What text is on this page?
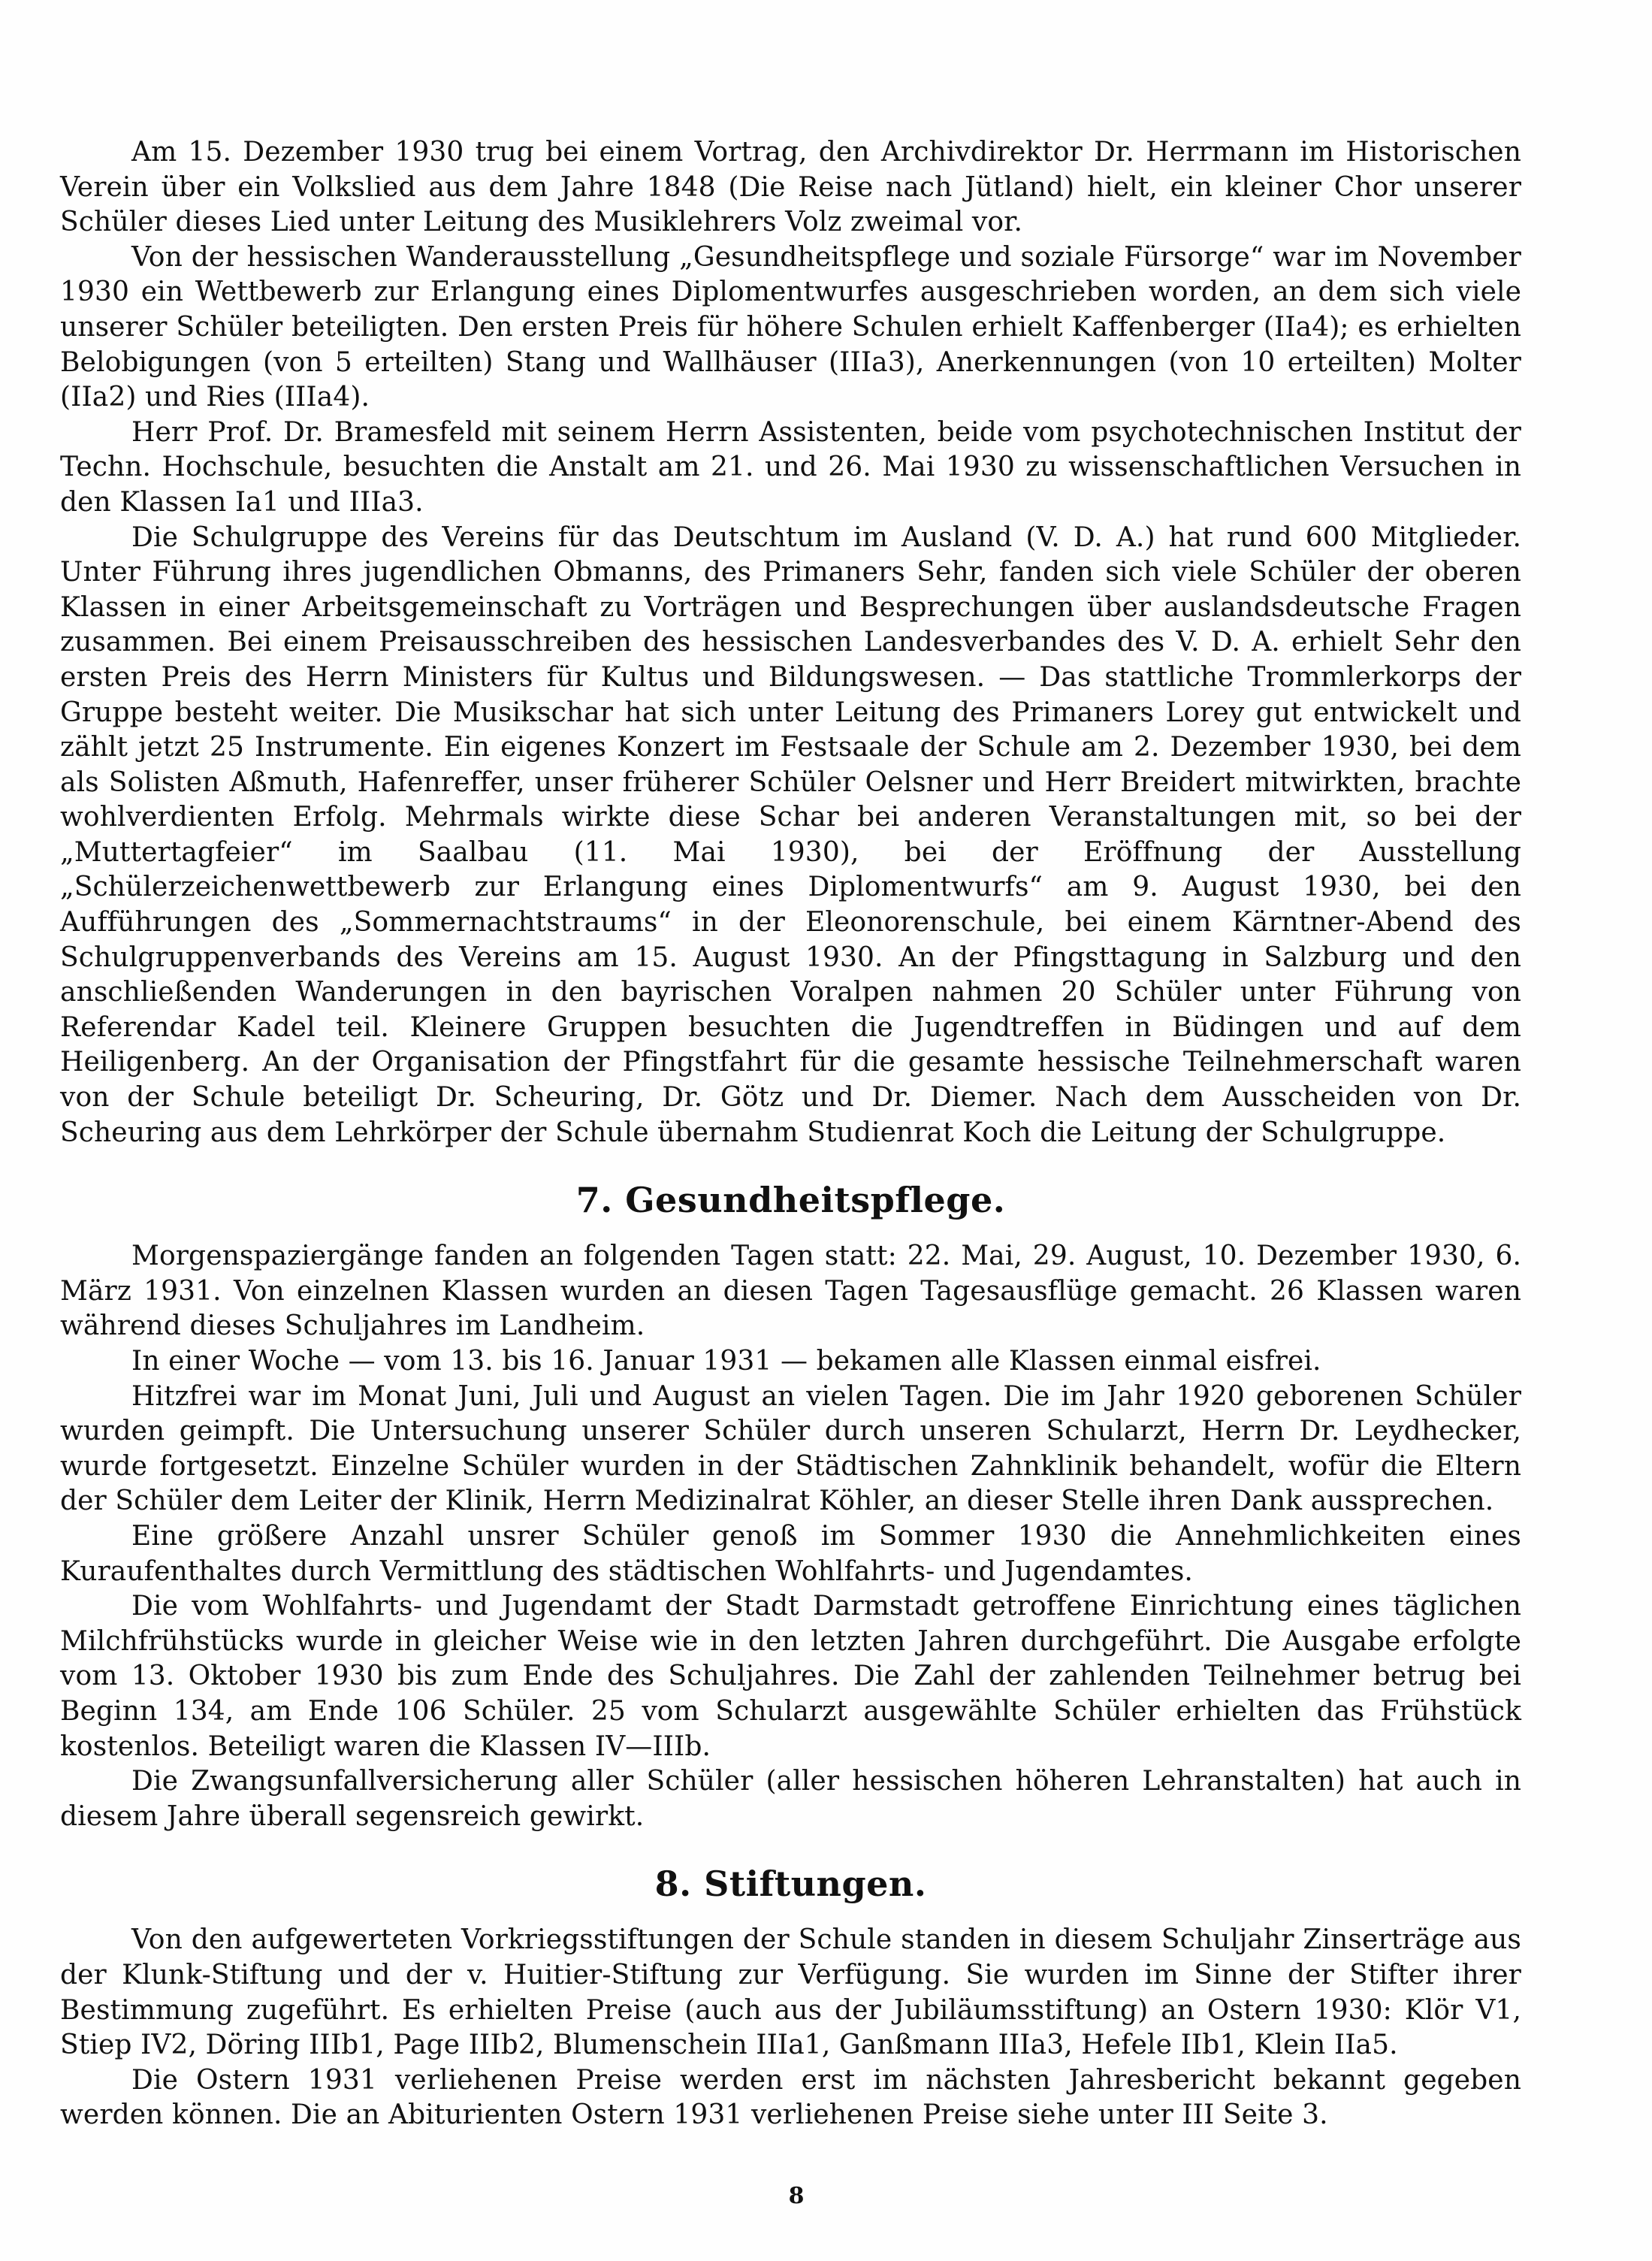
Am 15. Dezember 1930 trug bei einem Vortrag, den Archivdirektor Dr. Herrmann im Historischen Verein über ein Volkslied aus dem Jahre 1848 (Die Reise nach Jütland) hielt, ein kleiner Chor unserer Schüler dieses Lied unter Leitung des Musiklehrers Volz zweimal vor.

Von der hessischen Wanderausstellung „Gesundheitspflege und soziale Fürsorge“ war im November 1930 ein Wettbewerb zur Erlangung eines Diplomentwurfes ausgeschrieben worden, an dem sich viele unserer Schüler beteiligten. Den ersten Preis für höhere Schulen erhielt Kaffenberger (IIa4); es erhielten Belobigungen (von 5 erteilten) Stang und Wallhäuser (IIIa3), Anerkennungen (von 10 erteilten) Molter (IIa2) und Ries (IIIa4).

Herr Prof. Dr. Bramesfeld mit seinem Herrn Assistenten, beide vom psychotechnischen Institut der Techn. Hochschule, besuchten die Anstalt am 21. und 26. Mai 1930 zu wissenschaftlichen Versuchen in den Klassen Ia1 und IIIa3.

Die Schulgruppe des Vereins für das Deutschtum im Ausland (V. D. A.) hat rund 600 Mitglieder. Unter Führung ihres jugendlichen Obmanns, des Primaners Sehr, fanden sich viele Schüler der oberen Klassen in einer Arbeitsgemeinschaft zu Vorträgen und Besprechungen über auslandsdeutsche Fragen zusammen. Bei einem Preisausschreiben des hessischen Landesverbandes des V. D. A. erhielt Sehr den ersten Preis des Herrn Ministers für Kultus und Bildungswesen. — Das stattliche Trommlerkorps der Gruppe besteht weiter. Die Musikschar hat sich unter Leitung des Primaners Lorey gut entwickelt und zählt jetzt 25 Instrumente. Ein eigenes Konzert im Festsaale der Schule am 2. Dezember 1930, bei dem als Solisten Aßmuth, Hafenreffer, unser früherer Schüler Oelsner und Herr Breidert mitwirkten, brachte wohlverdienten Erfolg. Mehrmals wirkte diese Schar bei anderen Veranstaltungen mit, so bei der „Muttertagfeier“ im Saalbau (11. Mai 1930), bei der Eröffnung der Ausstellung „Schülerzeichenwettbewerb zur Erlangung eines Diplomentwurfs“ am 9. August 1930, bei den Aufführungen des „Sommernachtstraums“ in der Eleonorenschule, bei einem Kärntner-Abend des Schulgruppenverbands des Vereins am 15. August 1930. An der Pfingsttagung in Salzburg und den anschließenden Wanderungen in den bayrischen Voralpen nahmen 20 Schüler unter Führung von Referendar Kadel teil. Kleinere Gruppen besuchten die Jugendtreffen in Büdingen und auf dem Heiligenberg. An der Organisation der Pfingstfahrt für die gesamte hessische Teilnehmerschaft waren von der Schule beteiligt Dr. Scheuring, Dr. Götz und Dr. Diemer. Nach dem Ausscheiden von Dr. Scheuring aus dem Lehrkörper der Schule übernahm Studienrat Koch die Leitung der Schulgruppe.

7. Gesundheitspflege.

Morgenspaziergänge fanden an folgenden Tagen statt: 22. Mai, 29. August, 10. Dezember 1930, 6. März 1931. Von einzelnen Klassen wurden an diesen Tagen Tagesausflüge gemacht. 26 Klassen waren während dieses Schuljahres im Landheim.

In einer Woche — vom 13. bis 16. Januar 1931 — bekamen alle Klassen einmal eisfrei.

Hitzfrei war im Monat Juni, Juli und August an vielen Tagen. Die im Jahr 1920 geborenen Schüler wurden geimpft. Die Untersuchung unserer Schüler durch unseren Schularzt, Herrn Dr. Leydhecker, wurde fortgesetzt. Einzelne Schüler wurden in der Städtischen Zahnklinik behandelt, wofür die Eltern der Schüler dem Leiter der Klinik, Herrn Medizinalrat Köhler, an dieser Stelle ihren Dank aussprechen.

Eine größere Anzahl unsrer Schüler genoß im Sommer 1930 die Annehmlichkeiten eines Kuraufenthaltes durch Vermittlung des städtischen Wohlfahrts- und Jugendamtes.

Die vom Wohlfahrts- und Jugendamt der Stadt Darmstadt getroffene Einrichtung eines täglichen Milchfrühstücks wurde in gleicher Weise wie in den letzten Jahren durchgeführt. Die Ausgabe erfolgte vom 13. Oktober 1930 bis zum Ende des Schuljahres. Die Zahl der zahlenden Teilnehmer betrug bei Beginn 134, am Ende 106 Schüler. 25 vom Schularzt ausgewählte Schüler erhielten das Frühstück kostenlos. Beteiligt waren die Klassen IV—IIIb.

Die Zwangsunfallversicherung aller Schüler (aller hessischen höheren Lehranstalten) hat auch in diesem Jahre überall segensreich gewirkt.

8. Stiftungen.

Von den aufgewerteten Vorkriegsstiftungen der Schule standen in diesem Schuljahr Zinserträge aus der Klunk-Stiftung und der v. Huitier-Stiftung zur Verfügung. Sie wurden im Sinne der Stifter ihrer Bestimmung zugeführt. Es erhielten Preise (auch aus der Jubiläumsstiftung) an Ostern 1930: Klör V1, Stiep IV2, Döring IIIb1, Page IIIb2, Blumenschein IIIa1, Ganßmann IIIa3, Hefele IIb1, Klein IIa5.

Die Ostern 1931 verliehenen Preise werden erst im nächsten Jahresbericht bekannt gegeben werden können. Die an Abiturienten Ostern 1931 verliehenen Preise siehe unter III Seite 3.

8
